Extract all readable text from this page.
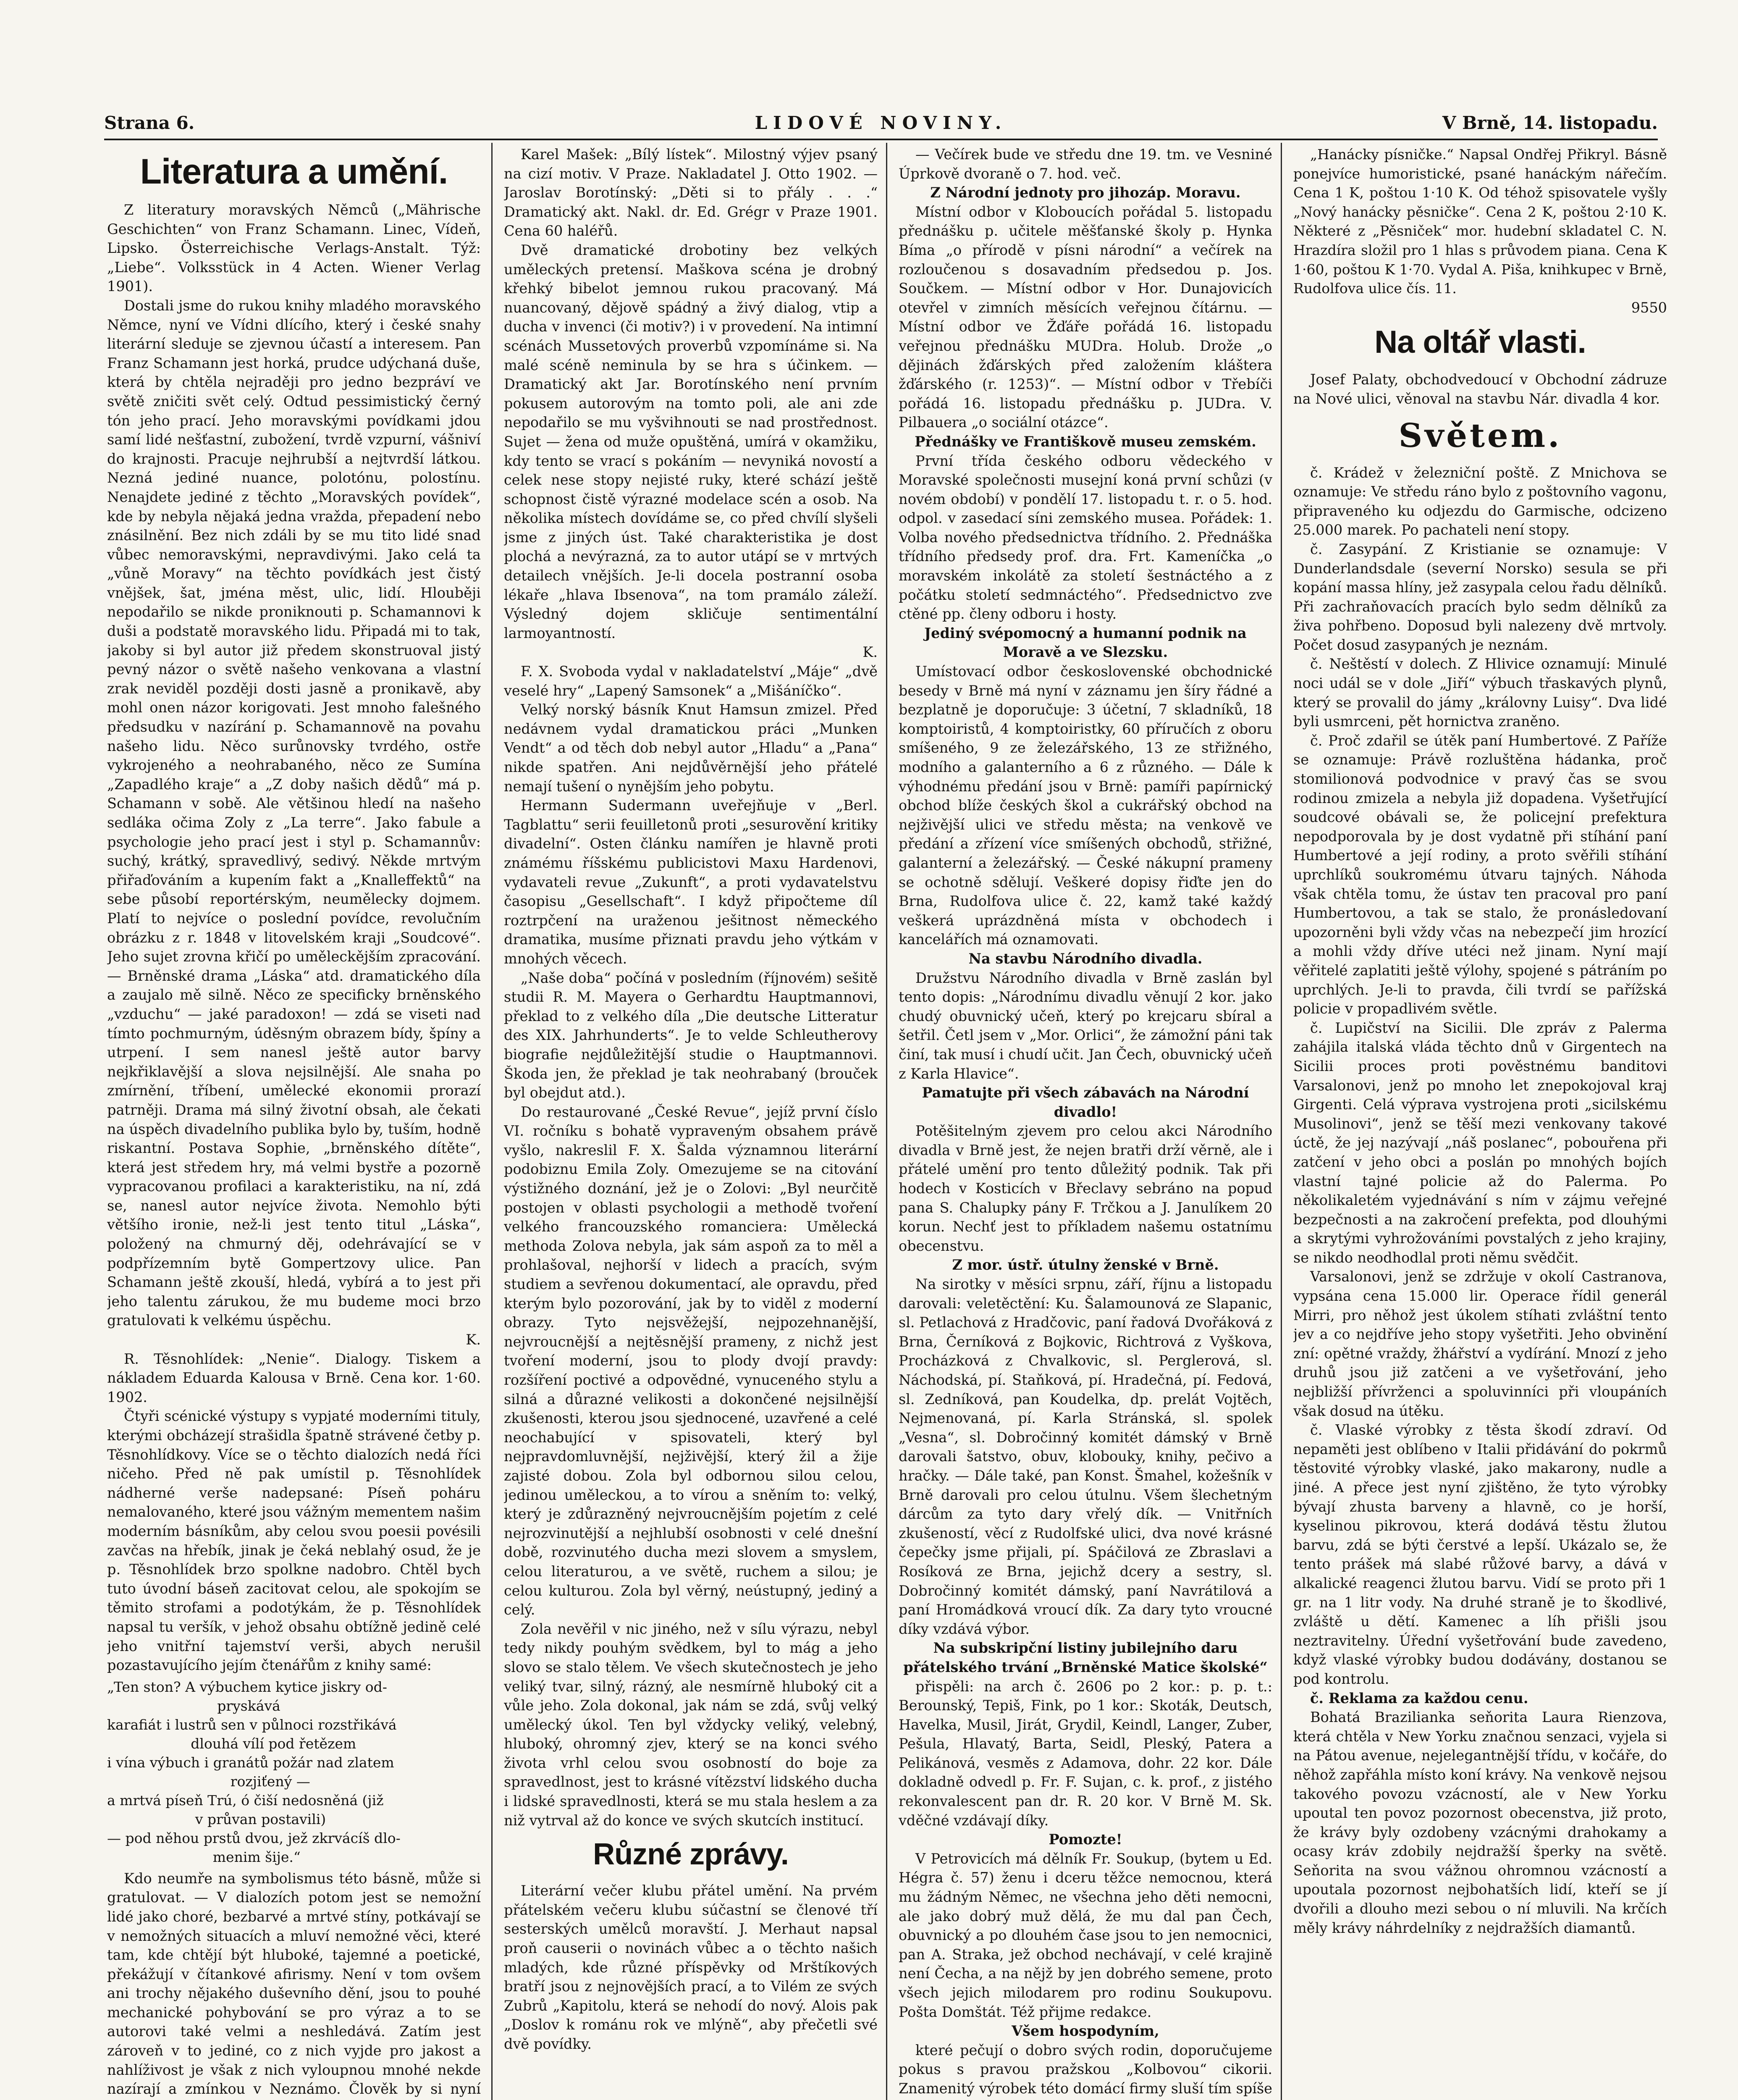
Strana 6.	LIDOVÉ NOVINY.	V Brně, 14. listopadu.
Literatura a umění.

Z literatury moravských Němců („Mährische Geschichten“ von Franz Schamann. Linec, Vídeň, Lipsko. Österreichische Verlags-Anstalt. Týž: „Liebe“. Volksstück in 4 Acten. Wiener Verlag 1901).

Dostali jsme do rukou knihy mladého moravského Němce, nyní ve Vídni dlícího, který i české snahy literární sleduje se zjevnou účastí a interesem. Pan Franz Schamann jest horká, prudce udýchaná duše, která by chtěla nejraději pro jedno bezpráví ve světě zničiti svět celý. Odtud pessimistický černý tón jeho prací. Jeho moravskými povídkami jdou samí lidé nešťastní, zubožení, tvrdě vzpurní, vášniví do krajnosti. Pracuje nejhrubší a nejtvrdší látkou. Nezná jediné nuance, polotónu, polostínu. Nenajdete jediné z těchto „Moravských povídek“, kde by nebyla nějaká jedna vražda, přepadení nebo znásilnění. Bez nich zdáli by se mu tito lidé snad vůbec nemoravskými, nepravdivými. Jako celá ta „vůně Moravy“ na těchto povídkách jest čistý vnějšek, šat, jména měst, ulic, lidí. Hlouběji nepodařilo se nikde proniknouti p. Schamannovi k duši a podstatě moravského lidu. Připadá mi to tak, jakoby si byl autor již předem skonstruoval jistý pevný názor o světě našeho venkovana a vlastní zrak neviděl později dosti jasně a pronikavě, aby mohl onen názor korigovati. Jest mnoho falešného předsudku v nazírání p. Schamannově na povahu našeho lidu. Něco surůnovsky tvrdého, ostře vykrojeného a neohrabaného, něco ze Sumína „Zapadlého kraje“ a „Z doby našich dědů“ má p. Schamann v sobě. Ale většinou hledí na našeho sedláka očima Zoly z „La terre“. Jako fabule a psychologie jeho prací jest i styl p. Schamannův: suchý, krátký, spravedlivý, sedivý. Někde mrtvým přiřaďováním a kupením fakt a „Knalleffektů“ na sebe působí reportérským, neumělecky dojmem. Platí to nejvíce o poslední povídce, revolučním obrázku z r. 1848 v litovelském kraji „Soudcové“. Jeho sujet zrovna křičí po uměleckějším zpracování. — Brněnské drama „Láska“ atd. dramatického díla a zaujalo mě silně. Něco ze specificky brněnského „vzduchu“ — jaké paradoxon! — zdá se viseti nad tímto pochmurným, úděsným obrazem bídy, špíny a utrpení. I sem nanesl ještě autor barvy nejkřiklavější a slova nejsilnější. Ale snaha po zmírnění, tříbení, umělecké ekonomii prorazí patrněji. Drama má silný životní obsah, ale čekati na úspěch divadelního publika bylo by, tuším, hodně riskantní. Postava Sophie, „brněnského dítěte“, která jest středem hry, má velmi bystře a pozorně vypracovanou profilaci a karakteristiku, na ní, zdá se, nanesl autor nejvíce života. Nemohlo býti většího ironie, než-li jest tento titul „Láska“, položený na chmurný děj, odehrávající se v podpřízemním bytě Gompertzovy ulice. Pan Schamann ještě zkouší, hledá, vybírá a to jest při jeho talentu zárukou, že mu budeme moci brzo gratulovati k velkému úspěchu.

K.

R. Těsnohlídek: „Nenie“. Dialogy. Tiskem a nákladem Eduarda Kalousa v Brně. Cena kor. 1·60. 1902.

Čtyři scénické výstupy s vypjaté moderními tituly, kterými obcházejí strašidla špatně strávené četby p. Těsnohlídkovy. Více se o těchto dialozích nedá říci ničeho. Před ně pak umístil p. Těsnohlídek nádherné verše nadepsané: Píseň poháru nemalovaného, které jsou vážným mementem našim moderním básníkům, aby celou svou poesii povésili zavčas na hřebík, jinak je čeká neblahý osud, že je p. Těsnohlídek brzo spolkne nadobro. Chtěl bych tuto úvodní báseň zacitovat celou, ale spokojím se těmito strofami a podotýkám, že p. Těsnohlídek napsal tu veršík, v jehož obsahu obtížně jedině celé jeho vnitřní tajemství verši, abych nerušil pozastavujícího jejím čtenářům z knihy samé:

„Ten ston? A výbuchem kytice jiskry od-
pryskává
karafiát i lustrů sen v půlnoci rozstřikává
dlouhá vílí pod řetězem
i vína výbuch i granátů požár nad zlatem
rozjiťený —
a mrtvá píseň Trú, ó čiší nedosněná (již
v průvan postavili)
— pod něhou prstů dvou, jež zkrvácíš dlo-
menim šije.“

Kdo neumře na symbolismus této básně, může si gratulovat. — V dialozích potom jest se nemožní lidé jako choré, bezbarvé a mrtvé stíny, potkávají se v nemožných situacích a mluví nemožné věci, které tam, kde chtějí být hluboké, tajemné a poetické, překážují v čítankové afirismy. Není v tom ovšem ani trochy nějakého duševního dění, jsou to pouhé mechanické pohybování se pro výraz a to se autorovi také velmi a neshledává. Zatím jest zároveň v to jediné, co z nich vyjde pro jakost a nahlíživost je však z nich vyloupnou mnohé nekde nazírají a zmínkou v Neznámo. Člověk by si nyní

Karel Mašek: „Bílý lístek“. Milostný výjev psaný na cizí motiv. V Praze. Nakladatel J. Otto 1902. — Jaroslav Borotínský: „Děti si to přály . . .“ Dramatický akt. Nakl. dr. Ed. Grégr v Praze 1901. Cena 60 haléřů.

Dvě dramatické drobotiny bez velkých uměleckých pretensí. Maškova scéna je drobný křehký bibelot jemnou rukou pracovaný. Má nuancovaný, dějově spádný a živý dialog, vtip a ducha v invenci (či motiv?) i v provedení. Na intimní scénách Mussetových proverbů vzpomínáme si. Na malé scéně neminula by se hra s účinkem. — Dramatický akt Jar. Borotínského není prvním pokusem autorovým na tomto poli, ale ani zde nepodařilo se mu vyšvihnouti se nad prostřednost. Sujet — žena od muže opuštěná, umírá v okamžiku, kdy tento se vrací s pokáním — nevyniká novostí a celek nese stopy nejisté ruky, které schází ještě schopnost čistě výrazné modelace scén a osob. Na několika místech dovídáme se, co před chvílí slyšeli jsme z jiných úst. Také charakteristika je dost plochá a nevýrazná, za to autor utápí se v mrtvých detailech vnějších. Je-li docela postranní osoba lékaře „hlava Ibsenova“, na tom pramálo záleží. Výsledný dojem skličuje sentimentální larmoyantností.

K.

F. X. Svoboda vydal v nakladatelství „Máje“ „dvě veselé hry“ „Lapený Samsonek“ a „Mišáníčko“.

Velký norský básník Knut Hamsun zmizel. Před nedávnem vydal dramatickou práci „Munken Vendt“ a od těch dob nebyl autor „Hladu“ a „Pana“ nikde spatřen. Ani nejdůvěrnější jeho přátelé nemají tušení o nynějším jeho pobytu.

Hermann Sudermann uveřejňuje v „Berl. Tagblattu“ serii feuilletonů proti „sesurovění kritiky divadelní“. Osten článku namířen je hlavně proti známému říšskému publicistovi Maxu Hardenovi, vydavateli revue „Zukunft“, a proti vydavatelstvu časopisu „Gesellschaft“. I když připočteme díl roztrpčení na uraženou ješitnost německého dramatika, musíme přiznati pravdu jeho výtkám v mnohých věcech.

„Naše doba“ počíná v posledním (říjnovém) sešitě studii R. M. Mayera o Gerhardtu Hauptmannovi, překlad to z velkého díla „Die deutsche Litteratur des XIX. Jahrhunderts“. Je to velde Schleutherovy biografie nejdůležitější studie o Hauptmannovi. Škoda jen, že překlad je tak neohrabaný (brouček byl obejdut atd.).

Do restaurované „České Revue“, jejíž první číslo VI. ročníku s bohatě vypraveným obsahem právě vyšlo, nakreslil F. X. Šalda významnou literární podobiznu Emila Zoly. Omezujeme se na citování výstižného doznání, jež je o Zolovi: „Byl neurčitě postojen v oblasti psychologii a methodě tvoření velkého francouzského romancierа: Umělecká methoda Zolova nebyla, jak sám aspoň za to měl a prohlašoval, nejhorší v lidech a pracích, svým studiem a sevřenou dokumentací, ale opravdu, před kterým bylo pozorování, jak by to viděl z moderní obrazy. Tyto nejsvěžejší, nejpozehnanější, nejvroucnější a nejtěsnější prameny, z nichž jest tvoření moderní, jsou to plody dvojí pravdy: rozšíření poctivé a odpovědné, vynuceného stylu a silná a důrazné velikosti a dokončené nejsilnější zkušenosti, kterou jsou sjednocené, uzavřené a celé neochabující v spisovateli, který byl nejpravdomluvnější, nejživější, který žil a žije zajisté dobou. Zola byl odbornou silou celou, jedinou uměleckou, a to vírou a sněním to: velký, který je zdůrazněný nejvroucnějším pojetím z celé nejrozvinutější a nejhlubší osobnosti v celé dnešní době, rozvinutého ducha mezi slovem a smyslem, celou literaturou, a ve světě, ruchem a silou; je celou kulturou. Zola byl věrný, neústupný, jediný a celý.

Zola nevěřil v nic jiného, než v sílu výrazu, nebyl tedy nikdy pouhým svědkem, byl to mág a jeho slovo se stalo tělem. Ve všech skutečnostech je jeho veliký tvar, silný, rázný, ale nesmírně hluboký cit a vůle jeho. Zola dokonal, jak nám se zdá, svůj velký umělecký úkol. Ten byl vždycky veliký, velebný, hluboký, ohromný zjev, který se na konci svého života vrhl celou svou osobností do boje za spravedlnost, jest to krásné vítězství lidského ducha i lidské spravedlnosti, která se mu stala heslem a za niž vytrval až do konce ve svých skutcích institucí.

Různé zprávy.

Literární večer klubu přátel umění. Na prvém přátelském večeru klubu súčastní se členové tří sesterských umělců moravští. J. Merhaut napsal proň causerii o novinách vůbec a o těchto našich mladých, kde různé příspěvky od Mrštíkových bratří jsou z nejnovějších prací, a to Vilém ze svých Zubrů „Kapitolu, která se nehodí do nový. Alois pak „Doslov k románu rok ve mlýně“, aby přečetli své dvě povídky.

— Večírek bude ve středu dne 19. tm. ve Vesniné Úprkově dvoraně o 7. hod. več.

Z Národní jednoty pro jihozáp. Moravu.

Místní odbor v Kloboucích pořádal 5. listopadu přednášku p. učitele měšťanské školy p. Hynka Bíma „o přírodě v písni národní“ a večírek na rozloučenou s dosavadním předsedou p. Jos. Součkem. — Místní odbor v Hor. Dunajovicích otevřel v zimních měsících veřejnou čítárnu. — Místní odbor ve Žďáře pořádá 16. listopadu veřejnou přednášku MUDra. Holub. Drože „o dějinách žďárských před založením kláštera žďárského (r. 1253)“. — Místní odbor v Třebíči pořádá 16. listopadu přednášku p. JUDra. V. Pilbauera „o sociální otázce“.

Přednášky ve Františkově museu zemském.

První třída českého odboru vědeckého v Moravské společnosti musejní koná první schůzi (v novém období) v pondělí 17. listopadu t. r. o 5. hod. odpol. v zasedací síni zemského musea. Pořádek: 1. Volba nového předsednictva třídního. 2. Přednáška třídního předsedy prof. dra. Frt. Kameníčka „o moravském inkolátě za století šestnáctého a z počátku století sedmnáctého“. Předsednictvo zve ctěné pp. členy odboru i hosty.

Jediný svépomocný a humanní podnik na Moravě a ve Slezsku.

Umístovací odbor československé obchodnické besedy v Brně má nyní v záznamu jen šíry řádné a bezplatně je doporučuje: 3 účetní, 7 skladníků, 18 komptoiristů, 4 komptoiristky, 60 příručích z oboru smíšeného, 9 ze železářského, 13 ze střižného, modního a galanterního a 6 z různého. — Dále k výhodnému předání jsou v Brně: pamíři papírnický obchod blíže českých škol a cukrářský obchod na nejživější ulici ve středu města; na venkově ve předání a zřízení více smíšených obchodů, střižné, galanterní a železářský. — České nákupní prameny se ochotně sdělují. Veškeré dopisy řiďte jen do Brna, Rudolfova ulice č. 22, kamž také každý veškerá uprázdněná místa v obchodech i kancelářích má oznamovati.

Na stavbu Národního divadla.

Družstvu Národního divadla v Brně zaslán byl tento dopis: „Národnímu divadlu věnují 2 kor. jako chudý obuvnický učeň, který po krejcaru sbíral a šetřil. Četl jsem v „Mor. Orlici“, že zámožní páni tak činí, tak musí i chudí učit. Jan Čech, obuvnický učeň z Karla Hlavice“.

Pamatujte při všech zábavách na Národní divadlo!

Potěšitelným zjevem pro celou akci Národního divadla v Brně jest, že nejen bratři drží věrně, ale i přátelé umění pro tento důležitý podnik. Tak při hodech v Kosticích v Břeclavy sebráno na popud pana S. Chalupky pány F. Trčkou a J. Janulíkem 20 korun. Nechť jest to příkladem našemu ostatnímu obecenstvu.

Z mor. ústř. útulny ženské v Brně.

Na sirotky v měsíci srpnu, září, říjnu a listopadu darovali: veletěctění: Ku. Šalamounová ze Slapanic, sl. Petlachová z Hradčovic, paní řadová Dvořáková z Brna, Černíková z Bojkovic, Richtrová z Vyškova, Procházková z Chvalkovic, sl. Perglerová, sl. Náchodská, pí. Staňková, pí. Hradečná, pí. Fedová, sl. Zedníková, pan Koudelka, dp. prelát Vojtěch, Nejmenovaná, pí. Karla Stránská, sl. spolek „Vesna“, sl. Dobročinný komitét dámský v Brně darovali šatstvo, obuv, klobouky, knihy, pečivo a hračky. — Dále také, pan Konst. Šmahel, kožešník v Brně darovali pro celou útulnu. Všem šlechetným dárcům za tyto dary vřelý dík. — Vnitřních zkušeností, věcí z Rudolfské ulici, dva nové krásné čepečky jsme přijali, pí. Spáčilová ze Zbraslavi a Rosíková ze Brna, jejichž dcery a sestry, sl. Dobročinný komitét dámský, paní Navrátilová a paní Hromádková vroucí dík. Za dary tyto vroucné díky vzdává výbor.

Na subskripční listiny jubilejního daru přátelského trvání „Brněnské Matice školské“

přispěli: na arch č. 2606 po 2 kor.: p. p. t.: Berounský, Tepiš, Fink, po 1 kor.: Skoták, Deutsch, Havelka, Musil, Jirát, Grydil, Keindl, Langer, Zuber, Pešula, Hlavatý, Barta, Seidl, Pleský, Patera a Pelikánová, vesměs z Adamova, dohr. 22 kor. Dále dokladně odvedl p. Fr. F. Sujan, c. k. prof., z jistého rekonvalescent pan dr. R. 20 kor. V Brně M. Sk. vděčné vzdávají díky.

Pomozte!

V Petrovicích má dělník Fr. Soukup, (bytem u Ed. Hégra č. 57) ženu i dceru těžce nemocnou, která mu žádným Němec, ne všechna jeho děti nemocni, ale jako dobrý muž dělá, že mu dal pan Čech, obuvnický a po dlouhém čase jsou to jen nemocnici, pan A. Straka, jež obchod nechávají, v celé krajině není Čecha, a na nějž by jen dobrého semene, proto všech jejich milodarem pro rodinu Soukupovu. Pošta Domštát. Též přijme redakce.

Všem hospodyním,

které pečují o dobro svých rodin, doporučujeme pokus s pravou pražskou „Kolbovou“ cikorii. Znamenitý výrobek této domácí firmy sluší tím spíše

„Hanácky písničke.“ Napsal Ondřej Přikryl. Básně ponejvíce humoristické, psané hanáckým nářečím. Cena 1 K, poštou 1·10 K. Od téhož spisovatele vyšly „Nový hanácky pěsničke“. Cena 2 K, poštou 2·10 K. Některé z „Pěsniček“ mor. hudební skladatel C. N. Hrazdíra složil pro 1 hlas s průvodem piana. Cena K 1·60, poštou K 1·70. Vydal A. Piša, knihkupec v Brně, Rudolfova ulice čís. 11.

9550

Na oltář vlasti.

Josef Palaty, obchodvedoucí v Obchodní zádruze na Nové ulici, věnoval na stavbu Nár. divadla 4 kor.

Světem.

č. Krádež v železniční poště. Z Mnichova se oznamuje: Ve středu ráno bylo z poštovního vagonu, připraveného ku odjezdu do Garmische, odcizeno 25.000 marek. Po pachateli není stopy.

č. Zasypání. Z Kristianie se oznamuje: V Dunderlandsdale (severní Norsko) sesula se při kopání massa hlíny, jež zasypala celou řadu dělníků. Při zachraňovacích pracích bylo sedm dělníků za živa pohřbeno. Doposud byli nalezeny dvě mrtvoly. Počet dosud zasypaných je neznám.

č. Neštěstí v dolech. Z Hlivice oznamují: Minulé noci udál se v dole „Jiří“ výbuch třaskavých plynů, který se provalil do jámy „královny Luisy“. Dva lidé byli usmrceni, pět hornictva zraněno.

č. Proč zdařil se útěk paní Humbertové. Z Paříže se oznamuje: Právě rozluštěna hádanka, proč stomilionová podvodnice v pravý čas se svou rodinou zmizela a nebyla již dopadena. Vyšetřující soudcové obávali se, že policejní prefektura nepodporovala by je dost vydatně při stíhání paní Humbertové a její rodiny, a proto svěřili stíhání uprchlíků soukromému útvaru tajných. Náhoda však chtěla tomu, že ústav ten pracoval pro paní Humbertovou, a tak se stalo, že pronásledovaní upozorněni byli vždy včas na nebezpečí jim hrozící a mohli vždy dříve utéci než jinam. Nyní mají věřitelé zaplatiti ještě výlohy, spojené s pátráním po uprchlých. Je-li to pravda, čili tvrdí se pařížská policie v propadlivém světle.

č. Lupičství na Sicilii. Dle zpráv z Palerma zahájila italská vláda těchto dnů v Girgentech na Sicilii proces proti pověstnému banditovi Varsalonovi, jenž po mnoho let znepokojoval kraj Girgenti. Celá výprava vystrojena proti „sicilskému Musolinovi“, jenž se těší mezi venkovany takové úctě, že jej nazývají „náš poslanec“, pobouřena při zatčení v jeho obci a poslán po mnohých bojích vlastní tajné policie až do Palerma. Po několikaletém vyjednávání s ním v zájmu veřejné bezpečnosti a na zakročení prefekta, pod dlouhými a skrytými vyhrožováními povstalých z jeho krajiny, se nikdo neodhodlal proti němu svědčit.

Varsalonovi, jenž se zdržuje v okolí Castranova, vypsána cena 15.000 lir. Operace řídil generál Mirri, pro něhož jest úkolem stíhati zvláštní tento jev a co nejdříve jeho stopy vyšetřiti. Jeho obvinění zní: opětné vraždy, žhářství a vydírání. Mnozí z jeho druhů jsou již zatčeni a ve vyšetřování, jeho nejbližší přívrženci a spoluvinníci při vloupáních však dosud na útěku.

č. Vlaské výrobky z těsta škodí zdraví. Od nepaměti jest oblíbeno v Italii přidávání do pokrmů těstovité výrobky vlaské, jako makarony, nudle a jiné. A přece jest nyní zjištěno, že tyto výrobky bývají zhusta barveny a hlavně, co je horší, kyselinou pikrovou, která dodává těstu žlutou barvu, zdá se býti čerstvé a lepší. Ukázalo se, že tento prášek má slabé růžové barvy, a dává v alkalické reagenci žlutou barvu. Vidí se proto při 1 gr. na 1 litr vody. Na druhé straně je to škodlivé, zvláště u dětí. Kamenec a líh přišli jsou neztravitelny. Úřední vyšetřování bude zavedeno, když vlaské výrobky budou dodávány, dostanou se pod kontrolu.

č. Reklama za každou cenu.

Bohatá Brazilianka seňorita Laura Rienzova, která chtěla v New Yorku značnou senzaci, vyjela si na Pátou avenue, nejelegantnější třídu, v kočáře, do něhož zapřáhla místo koní krávy. Na venkově nejsou takového povozu vzácností, ale v New Yorku upoutal ten povoz pozornost obecenstva, již proto, že krávy byly ozdobeny vzácnými drahokamy a ocasy kráv zdobily nejdražší šperky na světě. Seňorita na svou vážnou ohromnou vzácností a upoutala pozornost nejbohatších lidí, kteří se jí dvořili a dlouho mezi sebou o ní mluvili. Na krčích měly krávy náhrdelníky z nejdražších diamantů.
